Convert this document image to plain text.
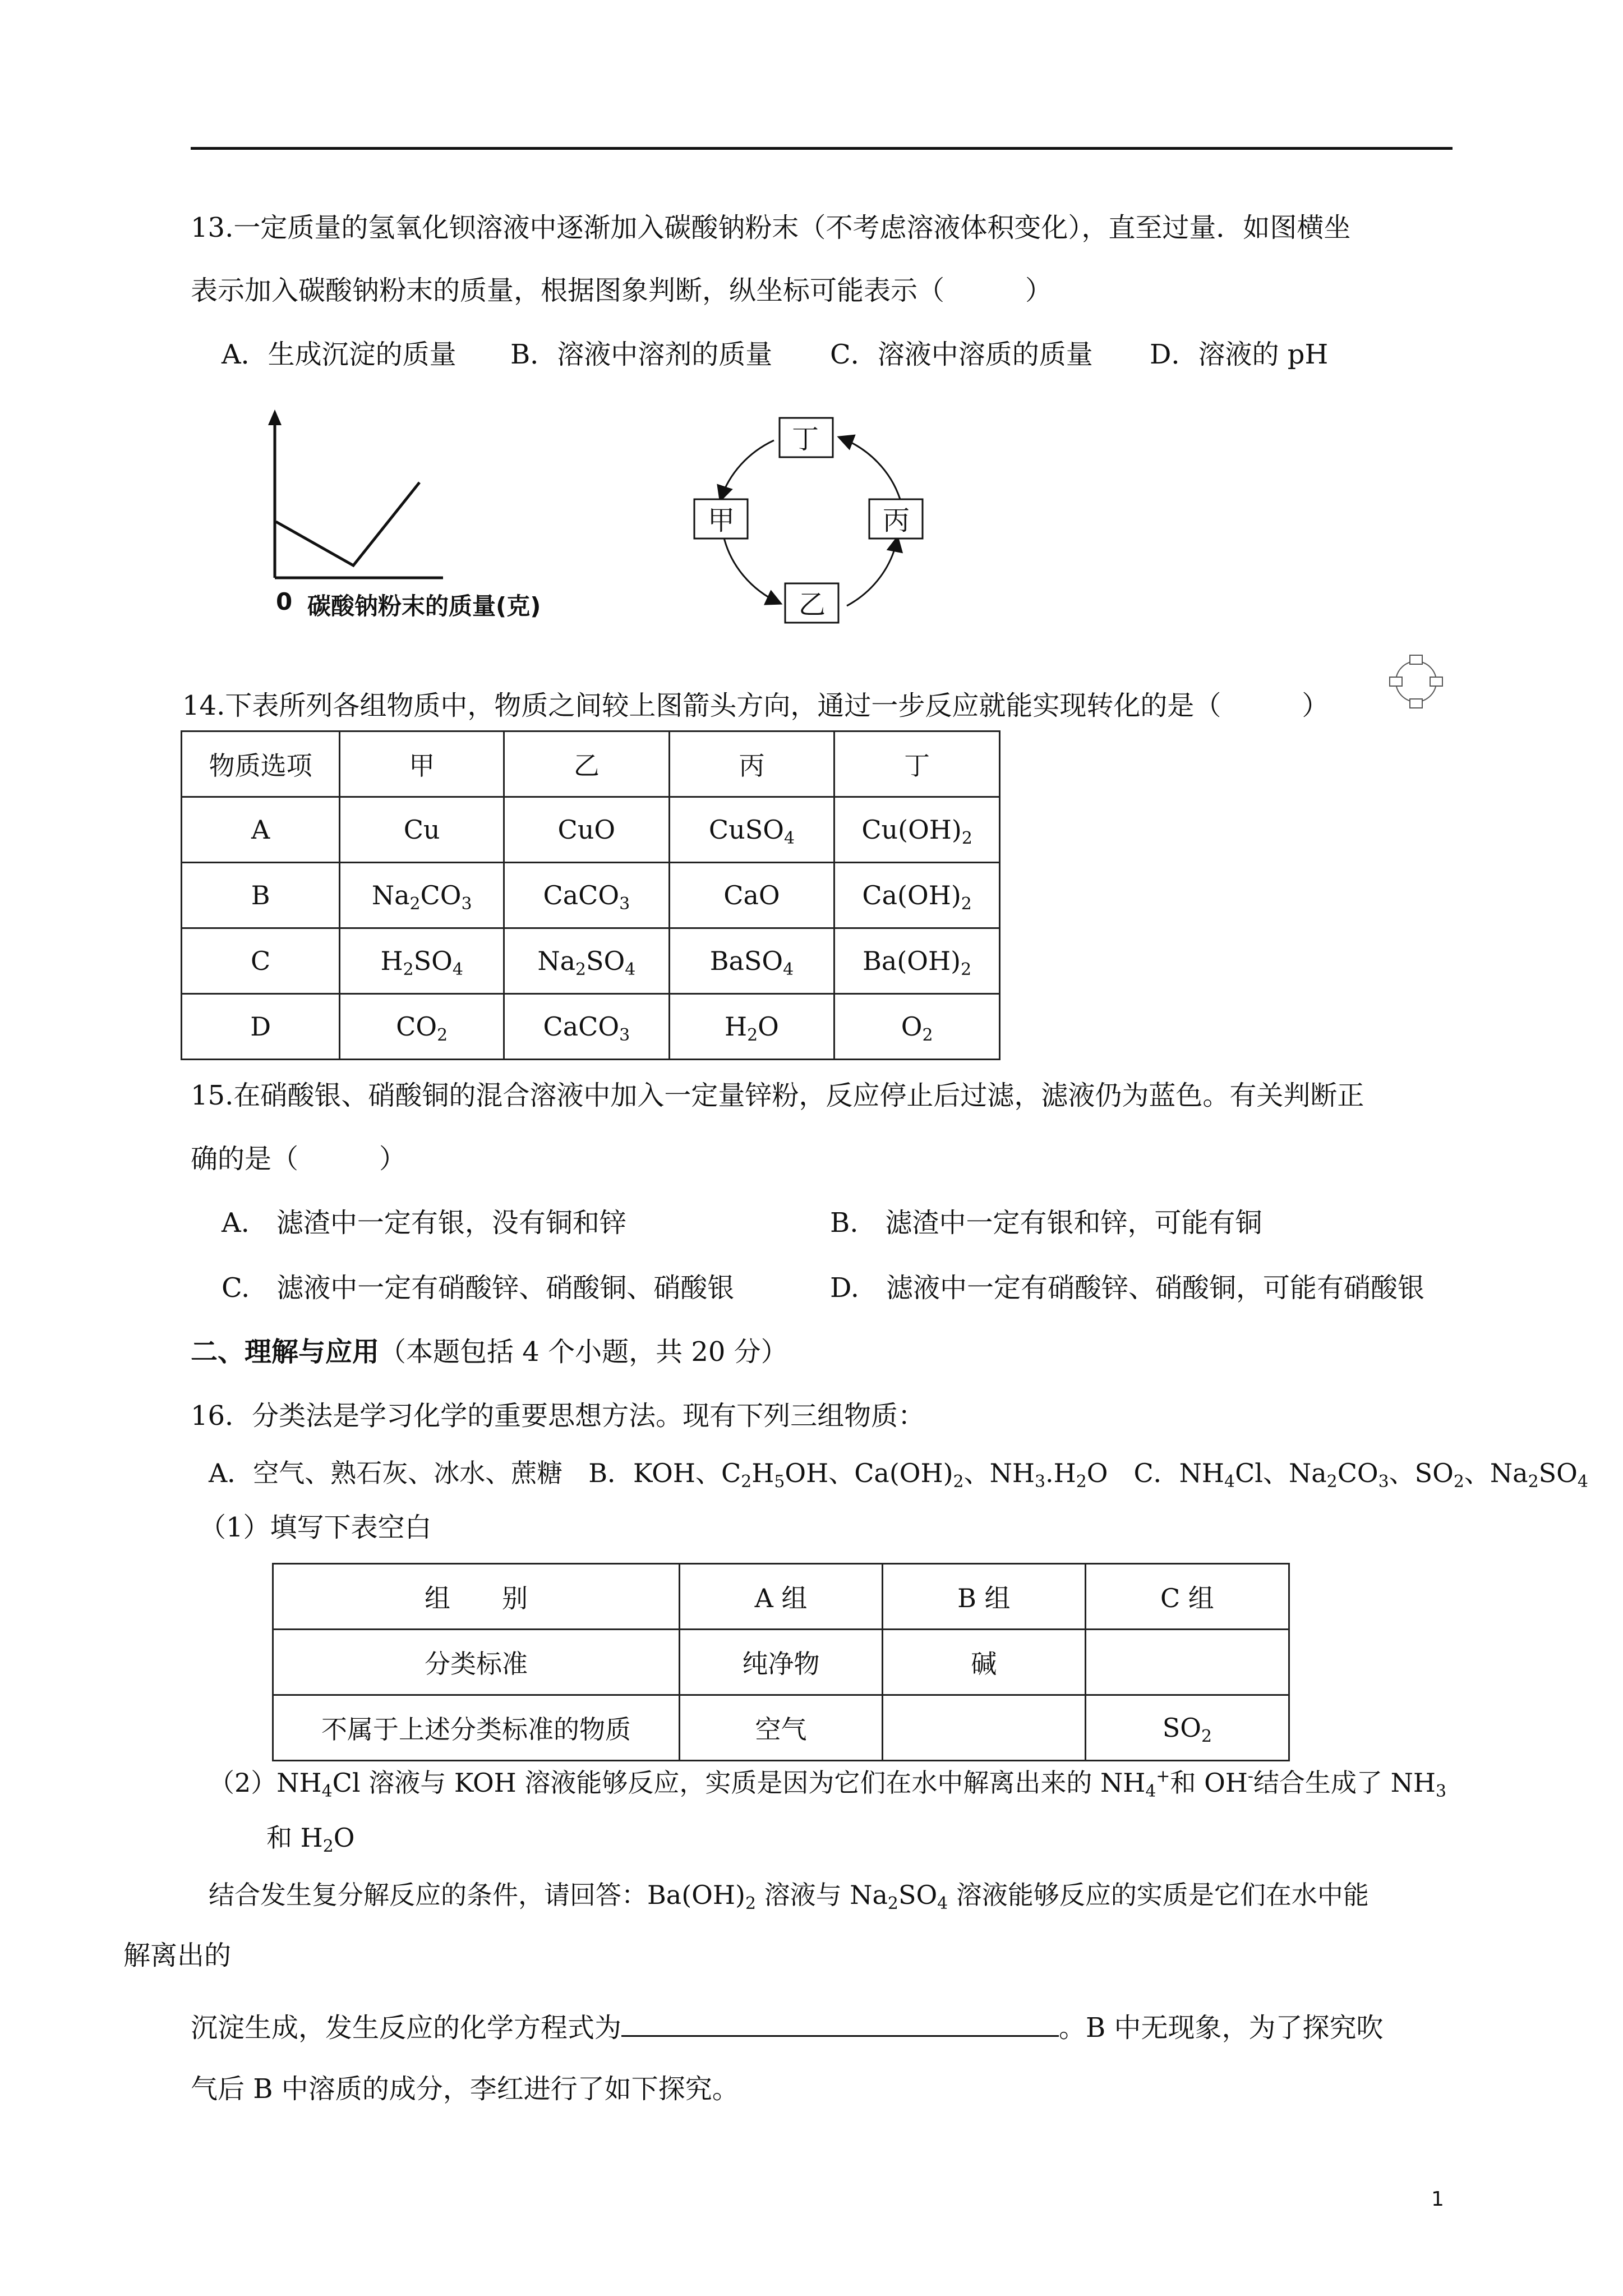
13.一定质量的氢氧化钡溶液中逐渐加入碳酸钠粉末（不考虑溶液体积变化），直至过量．如图横坐
表示加入碳酸钠粉末的质量，根据图象判断，纵坐标可能表示（　　　）
A．生成沉淀的质量 B．溶液中溶剂的质量 C．溶液中溶质的质量 D．溶液的 pH
0 碳酸钠粉末的质量(克)
丁
甲	丙
乙
14.下表所列各组物质中，物质之间较上图箭头方向，通过一步反应就能实现转化的是（　　　）
物质选项	甲	乙	丙	丁
A	Cu	CuO	CuSO$_4$	$Cu(OH)_2$
B	$Na_2CO_3$	CaCO$_3$	CaO	$Ca(OH)_2$
C	$H_2SO_4$	$Na_2SO_4$	BaSO$_4$	$Ba(OH)_2$
D	$CO_2$	CaCO$_3$	$H_2O$	$O_2$
15.在硝酸银、硝酸铜的混合溶液中加入一定量锌粉，反应停止后过滤，滤液仍为蓝色。有关判断正
确的是（　　　）
A.　滤渣中一定有银，没有铜和锌	B.　滤渣中一定有银和锌，可能有铜
C.　滤液中一定有硝酸锌、硝酸铜、硝酸银	D.　滤液中一定有硝酸锌、硝酸铜，可能有硝酸银
二、理解与应用（本题包括 4 个小题，共 20 分）
16．分类法是学习化学的重要思想方法。现有下列三组物质：
A．空气、熟石灰、冰水、蔗糖　B．KOH、$C_2H_5OH$、$Ca(OH)_2$、$NH_3.H_2O$　C．$NH_4Cl$、$Na_2CO_3$、$SO_2$、$Na_2SO_4$
（1）填写下表空白
组　　别	A 组	B 组	C 组
分类标准	纯净物	碱	
不属于上述分类标准的物质	空气		$SO_2$
$(2)NH_4Cl$ 溶液与 KOH 溶液能够反应，实质是因为它们在水中解离出来的 $NH_4^+$和 OH-结合生成了 $NH_3$
和 $H_2O$
结合发生复分解反应的条件，请回答：$Ba(OH)_2$ 溶液与 $Na_2SO_4$ 溶液能够反应的实质是它们在水中能
解离出的
沉淀生成，发生反应的化学方程式为	。B 中无现象，为了探究吹
气后 B 中溶质的成分，李红进行了如下探究。
1
